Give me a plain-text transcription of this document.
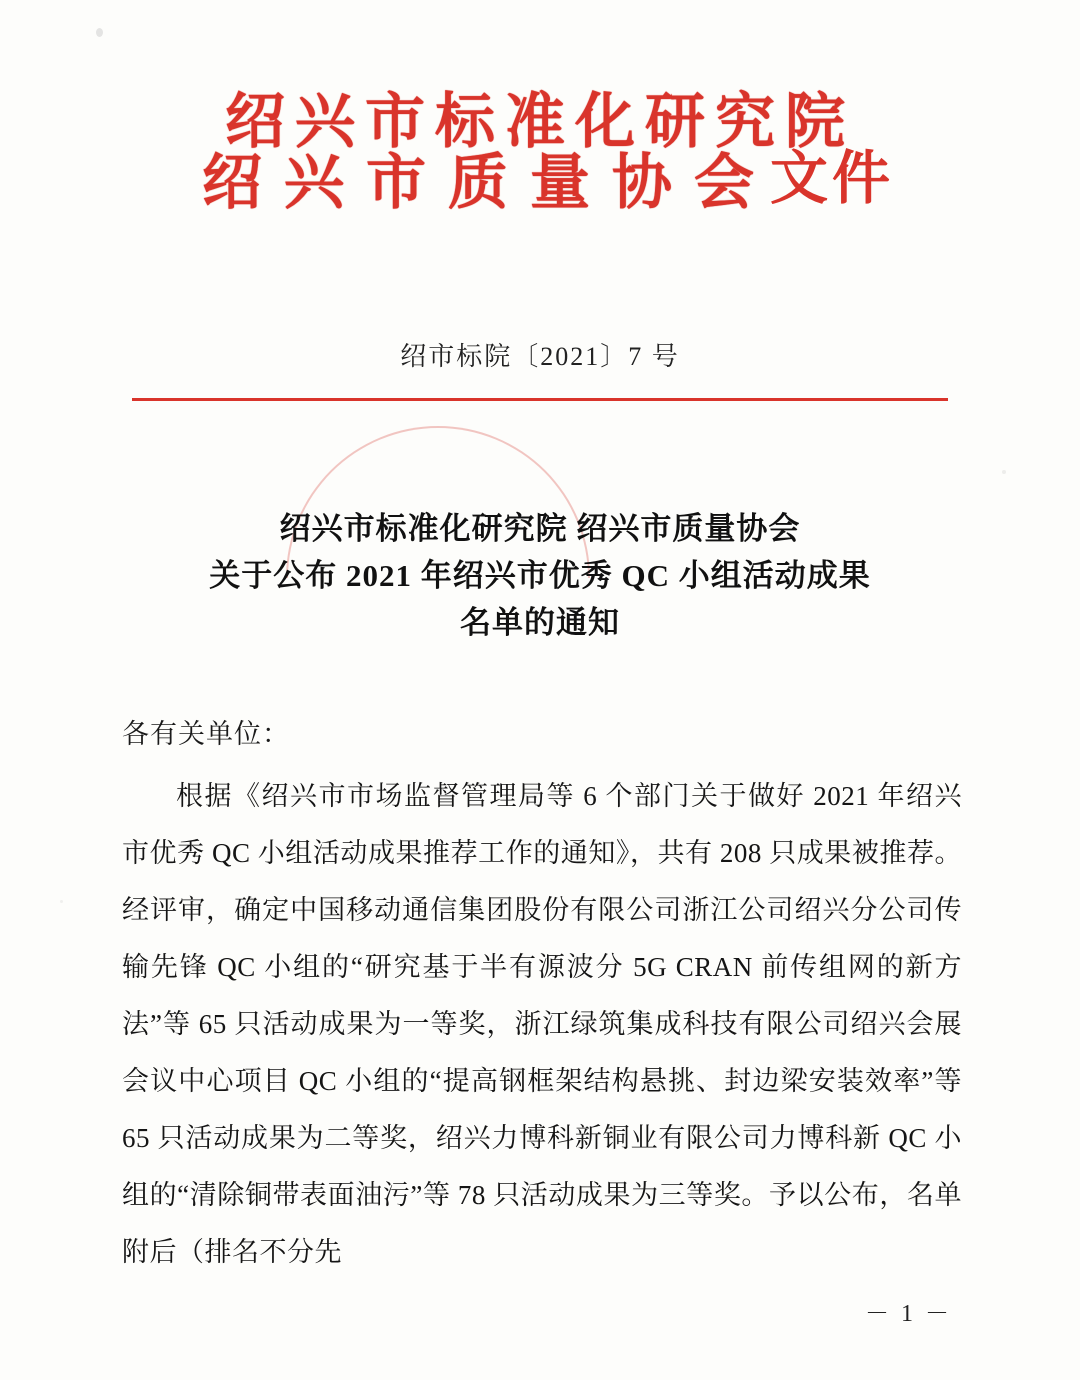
绍兴市标准化研究院
绍兴市质量协会
文件
绍市标院〔2021〕7 号
绍兴市标准化研究院 绍兴市质量协会
关于公布 2021 年绍兴市优秀 QC 小组活动成果
名单的通知
各有关单位：

根据《绍兴市市场监督管理局等 6 个部门关于做好 2021 年绍兴市优秀 QC 小组活动成果推荐工作的通知》，共有 208 只成果被推荐。经评审，确定中国移动通信集团股份有限公司浙江公司绍兴分公司传输先锋 QC 小组的“研究基于半有源波分 5G CRAN 前传组网的新方法”等 65 只活动成果为一等奖，浙江绿筑集成科技有限公司绍兴会展会议中心项目 QC 小组的“提高钢框架结构悬挑、封边梁安装效率”等 65 只活动成果为二等奖，绍兴力博科新铜业有限公司力博科新 QC 小组的“清除铜带表面油污”等 78 只活动成果为三等奖。予以公布，名单附后（排名不分先

－ 1 －
